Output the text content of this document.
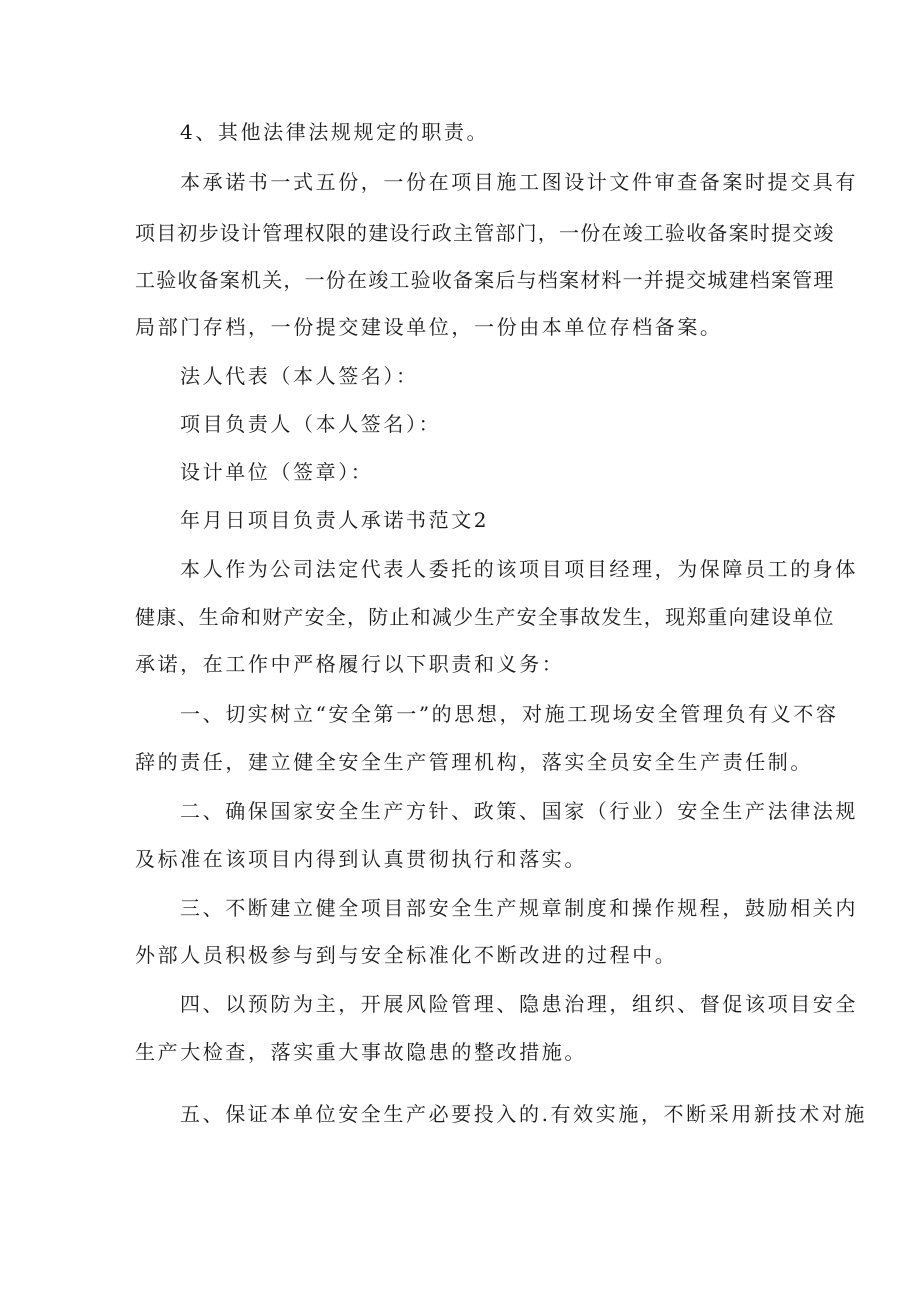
4、其他法律法规规定的职责。
本承诺书一式五份，一份在项目施工图设计文件审查备案时提交具有
项目初步设计管理权限的建设行政主管部门，一份在竣工验收备案时提交竣
工验收备案机关，一份在竣工验收备案后与档案材料一并提交城建档案管理
局部门存档，一份提交建设单位，一份由本单位存档备案。
法人代表（本人签名）：
项目负责人（本人签名）：
设计单位（签章）：
年月日项目负责人承诺书范文2
本人作为公司法定代表人委托的该项目项目经理，为保障员工的身体
健康、生命和财产安全，防止和减少生产安全事故发生，现郑重向建设单位
承诺，在工作中严格履行以下职责和义务：
一、切实树立“安全第一”的思想，对施工现场安全管理负有义不容
辞的责任，建立健全安全生产管理机构，落实全员安全生产责任制。
二、确保国家安全生产方针、政策、国家（行业）安全生产法律法规
及标准在该项目内得到认真贯彻执行和落实。
三、不断建立健全项目部安全生产规章制度和操作规程，鼓励相关内
外部人员积极参与到与安全标准化不断改进的过程中。
四、以预防为主，开展风险管理、隐患治理，组织、督促该项目安全
生产大检查，落实重大事故隐患的整改措施。
五、保证本单位安全生产必要投入的.有效实施，不断采用新技术对施
